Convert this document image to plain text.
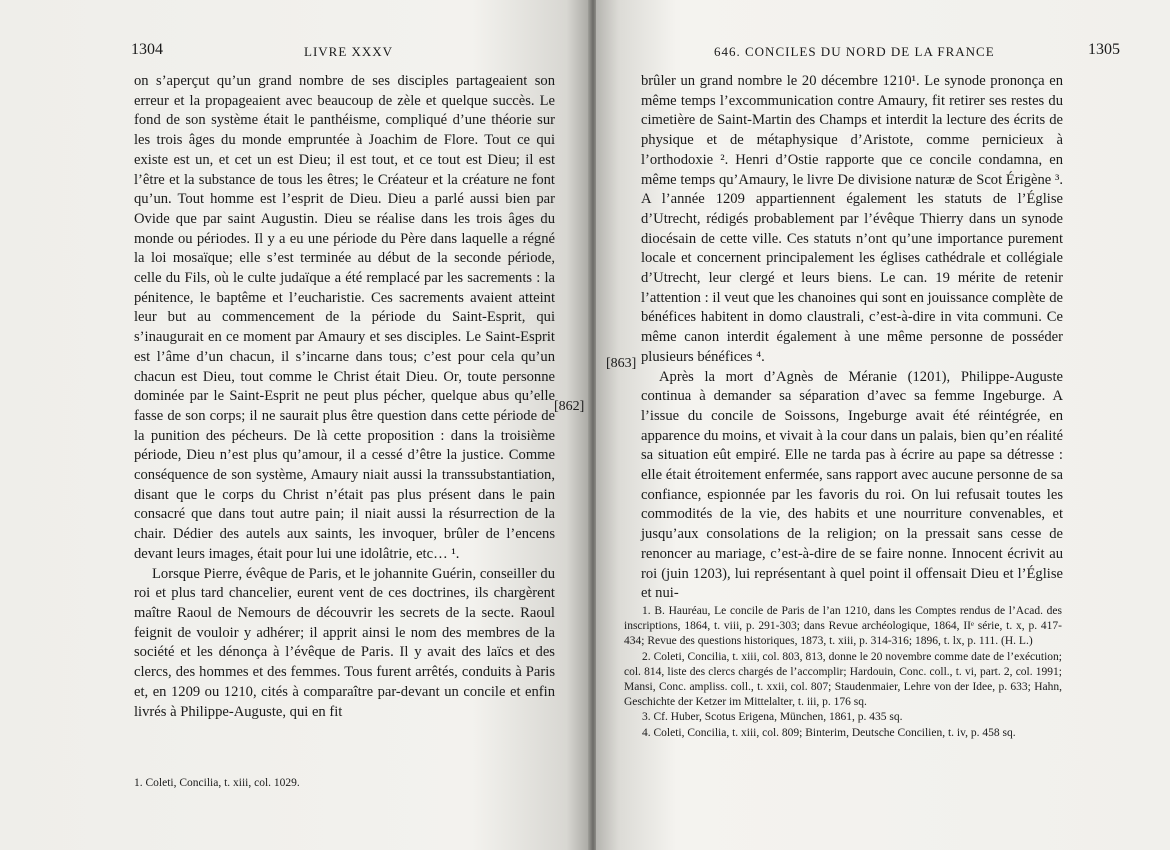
1304	LIVRE XXXV

on s’aperçut qu’un grand nombre de ses disciples partageaient son erreur et la propageaient avec beaucoup de zèle et quelque succès. Le fond de son système était le panthéisme, compliqué d’une théorie sur les trois âges du monde empruntée à Joachim de Flore. Tout ce qui existe est un, et cet un est Dieu; il est tout, et ce tout est Dieu; il est l’être et la substance de tous les êtres; le Créateur et la créature ne font qu’un. Tout homme est l’esprit de Dieu. Dieu a parlé aussi bien par Ovide que par saint Augustin. Dieu se réalise dans les trois âges du monde ou périodes. Il y a eu une période du Père dans laquelle a régné la loi mosaïque; elle s’est terminée au début de la seconde période, celle du Fils, où le culte judaïque a été remplacé par les sacrements : la pénitence, le baptême et l’eucharistie. Ces sacrements avaient atteint leur but au commencement de la période du Saint-Esprit, qui s’inaugurait en ce moment par Amaury et ses disciples. Le Saint-Esprit est l’âme d’un chacun, il s’incarne dans tous; c’est pour cela qu’un chacun est Dieu, tout comme le Christ était Dieu. Or, toute personne dominée par le Saint-Esprit ne peut plus pécher, quelque abus qu’elle fasse de son corps; il ne saurait plus être question dans cette période de la punition des pécheurs. De là cette proposition : dans la troisième période, Dieu n’est plus qu’amour, il a cessé d’être la justice. Comme conséquence de son système, Amaury niait aussi la transsubstantiation, disant que le corps du Christ n’était pas plus présent dans le pain consacré que dans tout autre pain; il niait aussi la résurrection de la chair. Dédier des autels aux saints, les invoquer, brûler de l’encens devant leurs images, était pour lui une idolâtrie, etc… ¹.

Lorsque Pierre, évêque de Paris, et le johannite Guérin, conseiller du roi et plus tard chancelier, eurent vent de ces doctrines, ils chargèrent maître Raoul de Nemours de découvrir les secrets de la secte. Raoul feignit de vouloir y adhérer; il apprit ainsi le nom des membres de la société et les dénonça à l’évêque de Paris. Il y avait des laïcs et des clercs, des hommes et des femmes. Tous furent arrêtés, conduits à Paris et, en 1209 ou 1210, cités à comparaître par-devant un concile et enfin livrés à Philippe-Auguste, qui en fit

1. Coleti, Concilia, t. xiii, col. 1029.

[862]
646. CONCILES DU NORD DE LA FRANCE	1305
[863]

brûler un grand nombre le 20 décembre 1210¹. Le synode prononça en même temps l’excommunication contre Amaury, fit retirer ses restes du cimetière de Saint-Martin des Champs et interdit la lecture des écrits de physique et de métaphysique d’Aristote, comme pernicieux à l’orthodoxie ². Henri d’Ostie rapporte que ce concile condamna, en même temps qu’Amaury, le livre De divisione naturæ de Scot Érigène ³. A l’année 1209 appartiennent également les statuts de l’Église d’Utrecht, rédigés probablement par l’évêque Thierry dans un synode diocésain de cette ville. Ces statuts n’ont qu’une importance purement locale et concernent principalement les églises cathédrale et collégiale d’Utrecht, leur clergé et leurs biens. Le can. 19 mérite de retenir l’attention : il veut que les chanoines qui sont en jouissance complète de bénéfices habitent in domo claustrali, c’est-à-dire in vita communi. Ce même canon interdit également à une même personne de posséder plusieurs bénéfices ⁴.

Après la mort d’Agnès de Méranie (1201), Philippe-Auguste continua à demander sa séparation d’avec sa femme Ingeburge. A l’issue du concile de Soissons, Ingeburge avait été réintégrée, en apparence du moins, et vivait à la cour dans un palais, bien qu’en réalité sa situation eût empiré. Elle ne tarda pas à écrire au pape sa détresse : elle était étroitement enfermée, sans rapport avec aucune personne de sa confiance, espionnée par les favoris du roi. On lui refusait toutes les commodités de la vie, des habits et une nourriture convenables, et jusqu’aux consolations de la religion; on la pressait sans cesse de renoncer au mariage, c’est-à-dire de se faire nonne. Innocent écrivit au roi (juin 1203), lui représentant à quel point il offensait Dieu et l’Église et nui-

1. B. Hauréau, Le concile de Paris de l’an 1210, dans les Comptes rendus de l’Acad. des inscriptions, 1864, t. viii, p. 291-303; dans Revue archéologique, 1864, IIᵉ série, t. x, p. 417-434; Revue des questions historiques, 1873, t. xiii, p. 314-316; 1896, t. lx, p. 111. (H. L.)

2. Coleti, Concilia, t. xiii, col. 803, 813, donne le 20 novembre comme date de l’exécution; col. 814, liste des clercs chargés de l’accomplir; Hardouin, Conc. coll., t. vi, part. 2, col. 1991; Mansi, Conc. ampliss. coll., t. xxii, col. 807; Staudenmaier, Lehre von der Idee, p. 633; Hahn, Geschichte der Ketzer im Mittelalter, t. iii, p. 176 sq.

3. Cf. Huber, Scotus Erigena, München, 1861, p. 435 sq.

4. Coleti, Concilia, t. xiii, col. 809; Binterim, Deutsche Concilien, t. iv, p. 458 sq.
